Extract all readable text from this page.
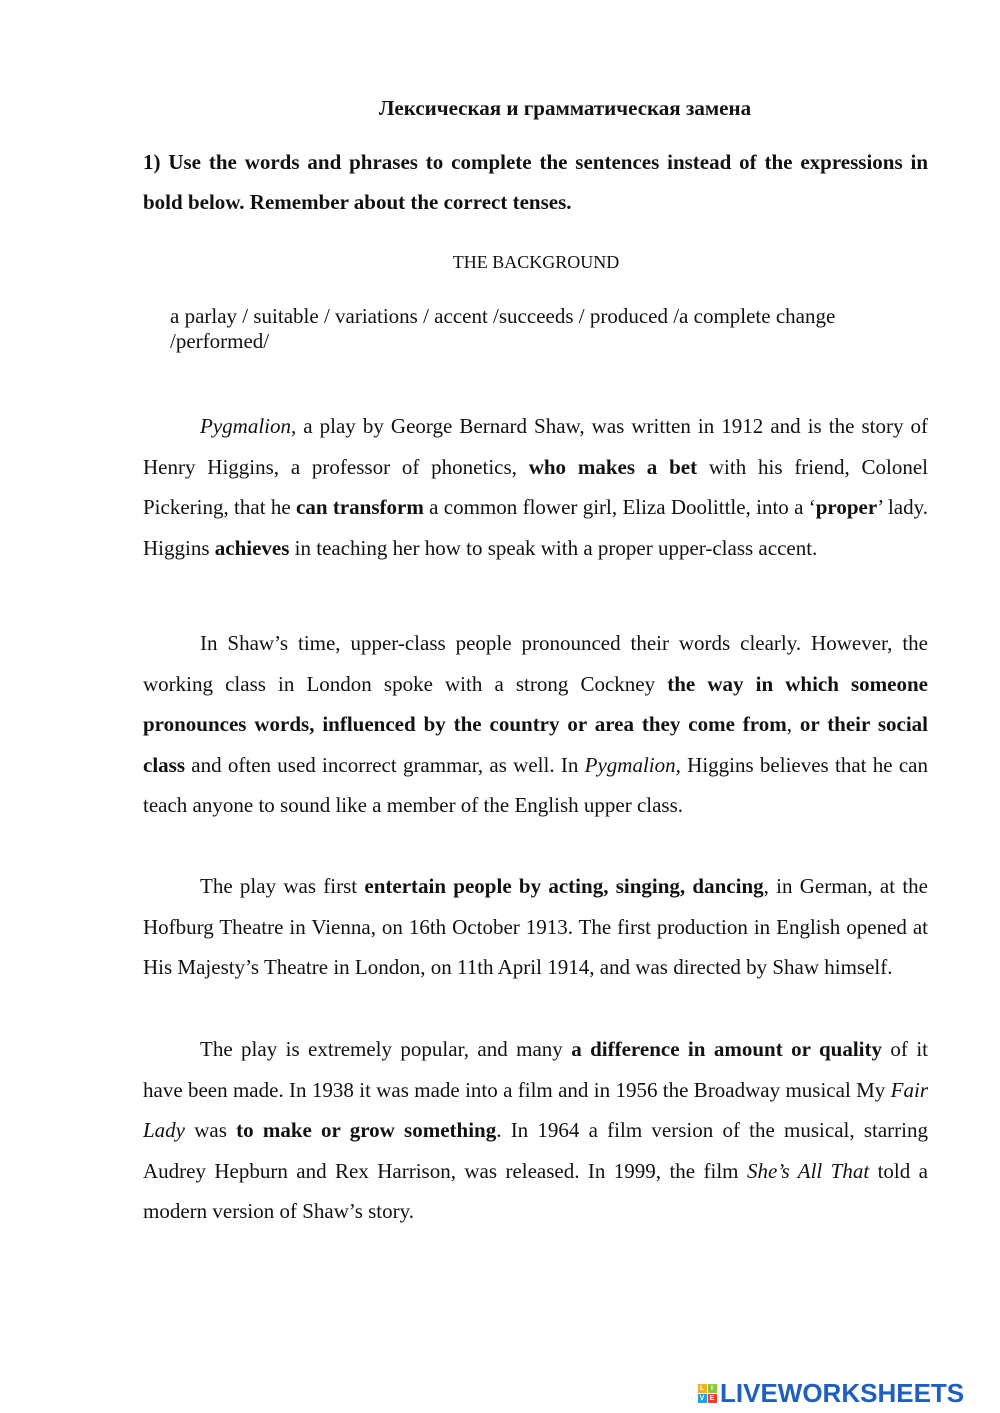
Лексическая и грамматическая замена
1) Use the words and phrases to complete the sentences instead of the expressions in bold below. Remember about the correct tenses.
THE BACKGROUND
a parlay / suitable / variations / accent /succeeds / produced /a complete change /performed/

Pygmalion, a play by George Bernard Shaw, was written in 1912 and is the story of Henry Higgins, a professor of phonetics, who makes a bet with his friend, Colonel Pickering, that he can transform a common flower girl, Eliza Doolittle, into a ‘proper’ lady. Higgins achieves in teaching her how to speak with a proper upper-class accent.

In Shaw’s time, upper-class people pronounced their words clearly. However, the working class in London spoke with a strong Cockney the way in which someone pronounces words, influenced by the country or area they come from, or their social class and often used incorrect grammar, as well. In Pygmalion, Higgins believes that he can teach anyone to sound like a member of the English upper class.

The play was first entertain people by acting, singing, dancing, in German, at the Hofburg Theatre in Vienna, on 16th October 1913. The first production in English opened at His Majesty’s Theatre in London, on 11th April 1914, and was directed by Shaw himself.

The play is extremely popular, and many a difference in amount or quality of it have been made. In 1938 it was made into a film and in 1956 the Broadway musical My Fair Lady was to make or grow something. In 1964 a film version of the musical, starring Audrey Hepburn and Rex Harrison, was released. In 1999, the film She’s All That told a modern version of Shaw’s story.

L I
V E LIVEWORKSHEETS
